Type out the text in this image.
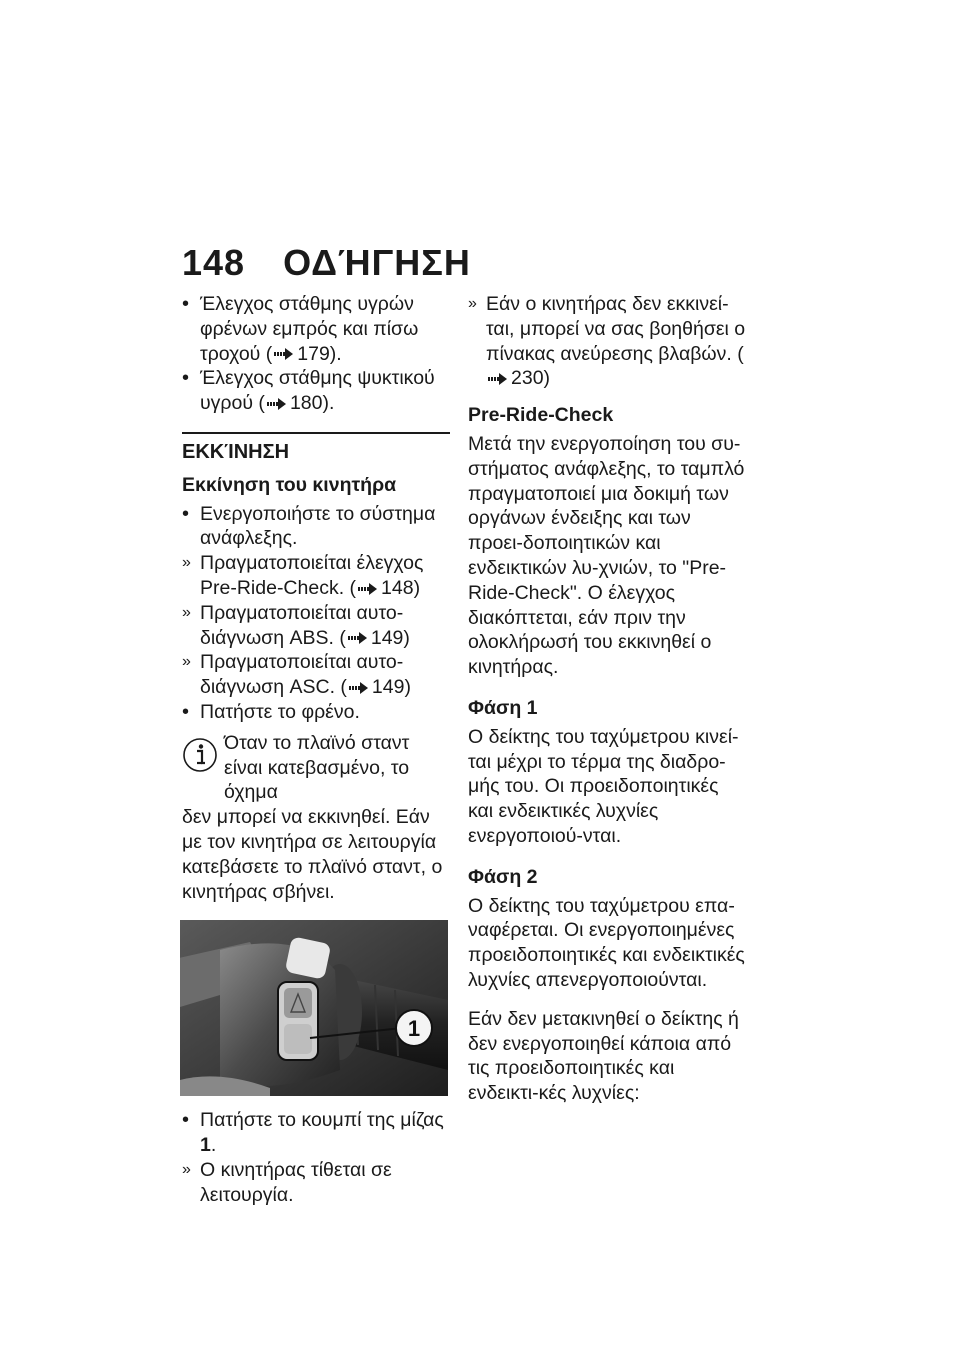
148 ΟΔΉΓΗΣΗ
•
Έλεγχος στάθμης υγρών φρένων εμπρός και πίσω τροχού ( 179).
•
Έλεγχος στάθμης ψυκτικού υγρού ( 180).
ΕΚΚΊΝΗΣΗ
Εκκίνηση του κινητήρα
•
Ενεργοποιήστε το σύστημα ανάφλεξης.
» Πραγματοποιείται έλεγχος Pre-Ride-Check. ( 148)
» Πραγματοποιείται αυτο-διάγνωση ABS. ( 149)
» Πραγματοποιείται αυτο-διάγνωση ASC. ( 149)
•
Πατήστε το φρένο.
Όταν το πλαϊνό σταντ είναι κατεβασμένο, το όχημα
δεν μπορεί να εκκινηθεί. Εάν με τον κινητήρα σε λειτουργία κατεβάσετε το πλαϊνό σταντ, ο κινητήρας σβήνει.
1
•
Πατήστε το κουμπί της μίζας 1.
» Ο κινητήρας τίθεται σε λειτουργία.
» Εάν ο κινητήρας δεν εκκινεί-ται, μπορεί να σας βοηθήσει ο πίνακας ανεύρεσης βλαβών. (230)
Pre-Ride-Check
Μετά την ενεργοποίηση του συ-στήματος ανάφλεξης, το ταμπλό πραγματοποιεί μια δοκιμή των οργάνων ένδειξης και των προει-δοποιητικών και ενδεικτικών λυ-χνιών, το "Pre-Ride-Check". Ο έλεγχος διακόπτεται, εάν πριν την ολοκλήρωσή του εκκινηθεί ο κινητήρας.
Φάση 1
Ο δείκτης του ταχύμετρου κινεί-ται μέχρι το τέρμα της διαδρο-μής του. Οι προειδοποιητικές και ενδεικτικές λυχνίες ενεργοποιού-νται.
Φάση 2
Ο δείκτης του ταχύμετρου επα-ναφέρεται. Οι ενεργοποιημένες προειδοποιητικές και ενδεικτικές λυχνίες απενεργοποιούνται.
Εάν δεν μετακινηθεί ο δείκτης ή δεν ενεργοποιηθεί κάποια από τις προειδοποιητικές και ενδεικτι-κές λυχνίες:
